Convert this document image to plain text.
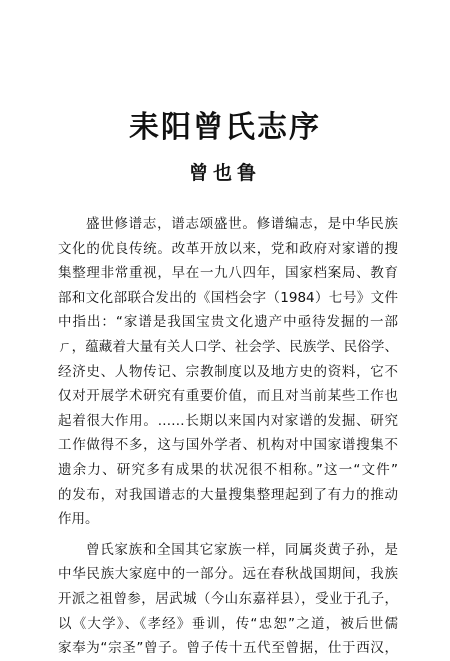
耒阳曾氏志序
曾也鲁
盛世修谱志，谱志颂盛世。修谱编志，是中华民族
文化的优良传统。改革开放以来，党和政府对家谱的搜
集整理非常重视，早在一九八四年，国家档案局、教育
部和文化部联合发出的《国档会字（1984）七号》文件
中指出：“家谱是我国宝贵文化遗产中亟待发掘的一部
ㄏ，蕴藏着大量有关人口学、社会学、民族学、民俗学、
经济史、人物传记、宗教制度以及地方史的资料，它不
仅对开展学术研究有重要价值，而且对当前某些工作也
起着很大作用。……长期以来国内对家谱的发掘、研究
工作做得不多，这与国外学者、机构对中国家谱搜集不
遗余力、研究多有成果的状况很不相称。”这一“文件”
的发布，对我国谱志的大量搜集整理起到了有力的推动
作用。
曾氏家族和全国其它家族一样，同属炎黄子孙，是
中华民族大家庭中的一部分。远在春秋战国期间，我族
开派之祖曾参，居武城（今山东嘉祥县），受业于孔子，
以《大学》、《孝经》垂训，传“忠恕”之道，被后世儒
家奉为“宗圣”曾子。曾子传十五代至曾据，仕于西汉，
